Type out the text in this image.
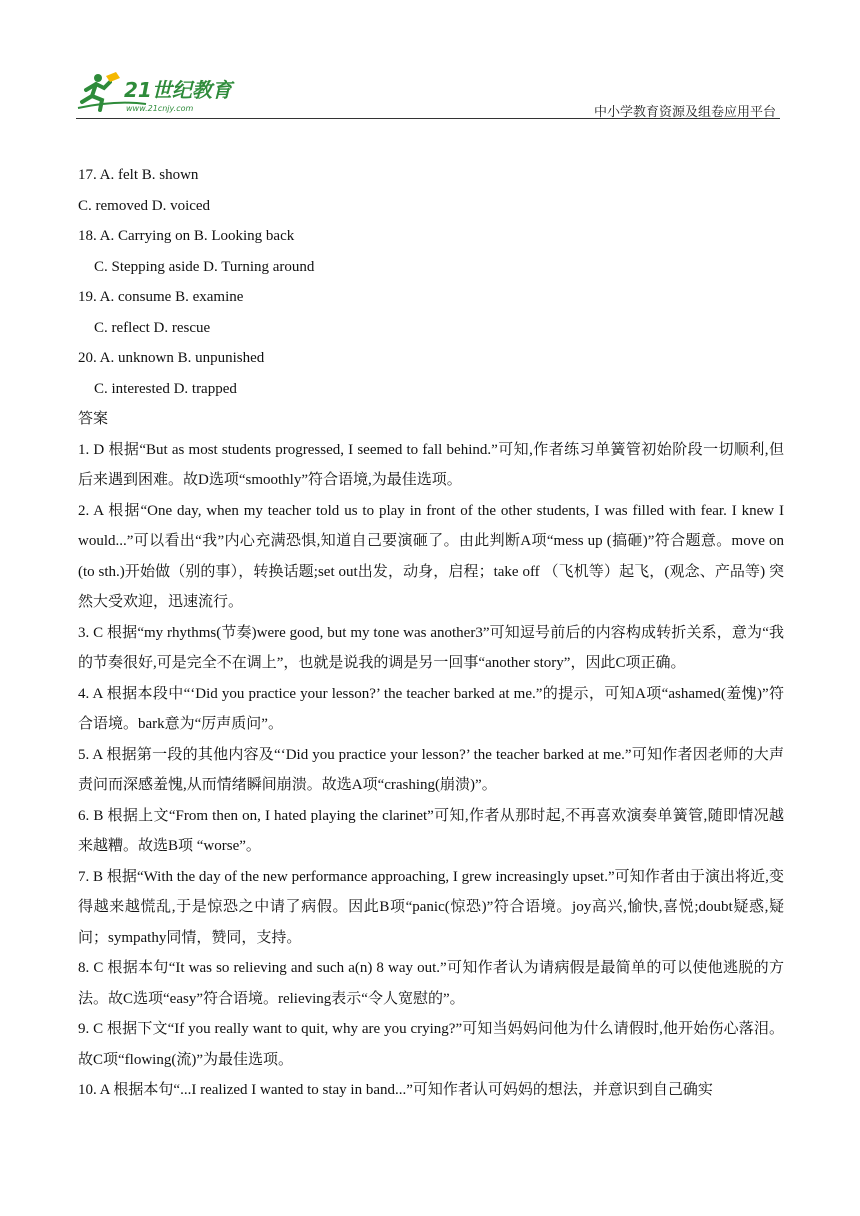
21世纪教育
www.21cnjy.com	中小学教育资源及组卷应用平台
17. A. felt B. shown
C. removed D. voiced
18. A. Carrying on B. Looking back
C. Stepping aside D. Turning around
19. A. consume B. examine
C. reflect D. rescue
20. A. unknown B. unpunished
C. interested D. trapped
答案
1. D 根据“But as most students progressed, I seemed to fall behind.”可知,作者练习单簧管初始阶段一切顺利,但后来遇到困难。故D选项“smoothly”符合语境,为最佳选项。
2. A 根据“One day, when my teacher told us to play in front of the other students, I was filled with fear. I knew I would...”可以看出“我”内心充满恐惧,知道自己要演砸了。由此判断A项“mess up (搞砸)”符合题意。move on (to sth.)开始做（别的事），转换话题;set out出发，动身，启程；take off （飞机等）起飞，(观念、产品等) 突然大受欢迎，迅速流行。
3. C 根据“my rhythms(节奏)were good, but my tone was another3”可知逗号前后的内容构成转折关系，意为“我的节奏很好,可是完全不在调上”，也就是说我的调是另一回事“another story”，因此C项正确。
4. A 根据本段中“‘Did you practice your lesson?’ the teacher barked at me.”的提示，可知A项“ashamed(羞愧)”符合语境。bark意为“厉声质问”。
5. A 根据第一段的其他内容及“‘Did you practice your lesson?’ the teacher barked at me.”可知作者因老师的大声责问而深感羞愧,从而情绪瞬间崩溃。故选A项“crashing(崩溃)”。
6. B 根据上文“From then on, I hated playing the clarinet”可知,作者从那时起,不再喜欢演奏单簧管,随即情况越来越糟。故选B项 “worse”。
7. B 根据“With the day of the new performance approaching, I grew increasingly upset.”可知作者由于演出将近,变得越来越慌乱,于是惊恐之中请了病假。因此B项“panic(惊恐)”符合语境。joy高兴,愉快,喜悦;doubt疑惑,疑问；sympathy同情，赞同，支持。
8. C 根据本句“It was so relieving and such a(n) 8 way out.”可知作者认为请病假是最简单的可以使他逃脱的方法。故C选项“easy”符合语境。relieving表示“令人宽慰的”。
9. C 根据下文“If you really want to quit, why are you crying?”可知当妈妈问他为什么请假时,他开始伤心落泪。故C项“flowing(流)”为最佳选项。
10. A 根据本句“...I realized I wanted to stay in band...”可知作者认可妈妈的想法，并意识到自己确实
